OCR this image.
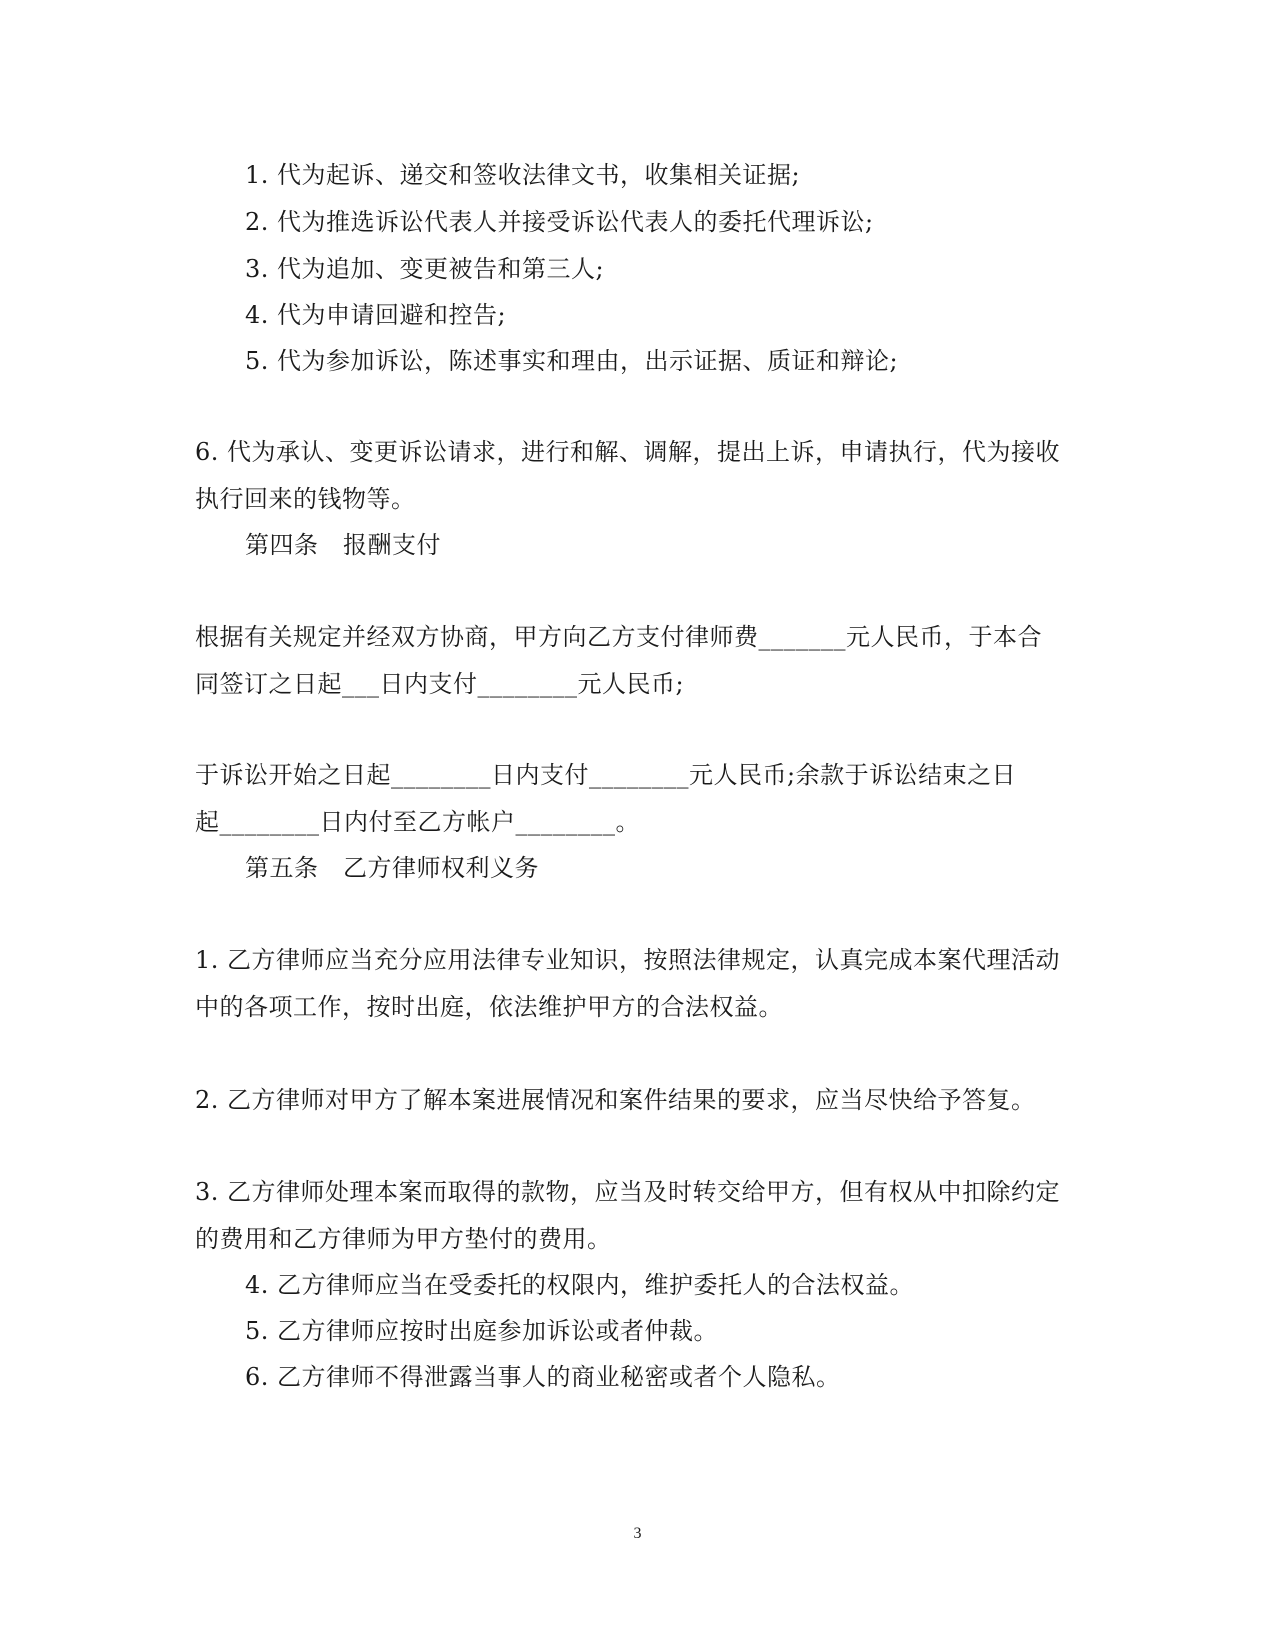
1. 代为起诉、递交和签收法律文书，收集相关证据;
2. 代为推选诉讼代表人并接受诉讼代表人的委托代理诉讼;
3. 代为追加、变更被告和第三人;
4. 代为申请回避和控告;
5. 代为参加诉讼，陈述事实和理由，出示证据、质证和辩论;
6. 代为承认、变更诉讼请求，进行和解、调解，提出上诉，申请执行，代为接收
执行回来的钱物等。
第四条　报酬支付
根据有关规定并经双方协商，甲方向乙方支付律师费_______元人民币，于本合
同签订之日起___日内支付________元人民币;
于诉讼开始之日起________日内支付________元人民币;余款于诉讼结束之日
起________日内付至乙方帐户________。
第五条　乙方律师权利义务
1. 乙方律师应当充分应用法律专业知识，按照法律规定，认真完成本案代理活动
中的各项工作，按时出庭，依法维护甲方的合法权益。
2. 乙方律师对甲方了解本案进展情况和案件结果的要求，应当尽快给予答复。
3. 乙方律师处理本案而取得的款物，应当及时转交给甲方，但有权从中扣除约定
的费用和乙方律师为甲方垫付的费用。
4. 乙方律师应当在受委托的权限内，维护委托人的合法权益。
5. 乙方律师应按时出庭参加诉讼或者仲裁。
6. 乙方律师不得泄露当事人的商业秘密或者个人隐私。
3
